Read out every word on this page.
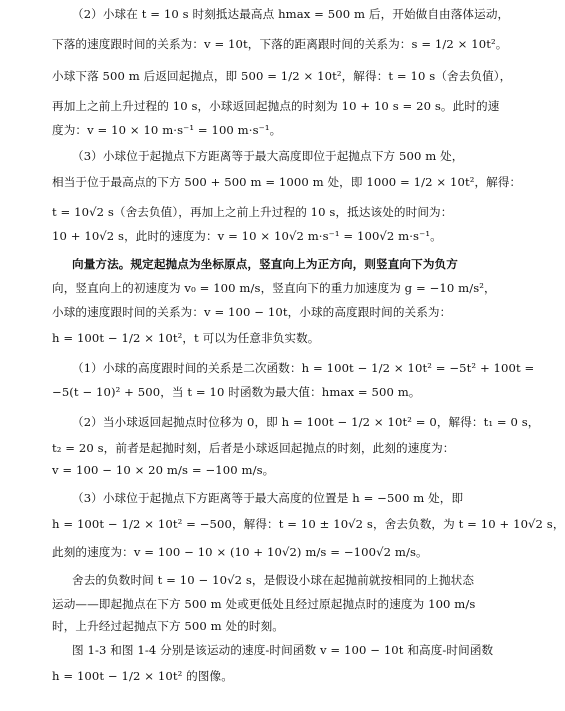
（2）小球在 t = 10 s 时刻抵达最高点 hmax = 500 m 后，开始做自由落体运动，
下落的速度跟时间的关系为：v = 10t，下落的距离跟时间的关系为：s = 1/2 × 10t²。
小球下落 500 m 后返回起抛点，即 500 = 1/2 × 10t²，解得：t = 10 s（舍去负值），
再加上之前上升过程的 10 s，小球返回起抛点的时刻为 10 + 10 s = 20 s。此时的速
度为：v = 10 × 10 m·s⁻¹ = 100 m·s⁻¹。
（3）小球位于起抛点下方距离等于最大高度即位于起抛点下方 500 m 处，
相当于位于最高点的下方 500 + 500 m = 1000 m 处，即 1000 = 1/2 × 10t²，解得：
t = 10√2 s（舍去负值），再加上之前上升过程的 10 s，抵达该处的时间为：
10 + 10√2 s，此时的速度为：v = 10 × 10√2 m·s⁻¹ = 100√2 m·s⁻¹。
向量方法。规定起抛点为坐标原点，竖直向上为正方向，则竖直向下为负方
向，竖直向上的初速度为 v₀ = 100 m/s，竖直向下的重力加速度为 g = −10 m/s²，
小球的速度跟时间的关系为：v = 100 − 10t，小球的高度跟时间的关系为：
h = 100t − 1/2 × 10t²，t 可以为任意非负实数。
（1）小球的高度跟时间的关系是二次函数：h = 100t − 1/2 × 10t² = −5t² + 100t =
−5(t − 10)² + 500，当 t = 10 时函数为最大值：hmax = 500 m。
（2）当小球返回起抛点时位移为 0，即 h = 100t − 1/2 × 10t² = 0，解得：t₁ = 0 s，
t₂ = 20 s，前者是起抛时刻，后者是小球返回起抛点的时刻，此刻的速度为：
v = 100 − 10 × 20 m/s = −100 m/s。
（3）小球位于起抛点下方距离等于最大高度的位置是 h = −500 m 处，即
h = 100t − 1/2 × 10t² = −500，解得：t = 10 ± 10√2 s，舍去负数，为 t = 10 + 10√2 s，
此刻的速度为：v = 100 − 10 × (10 + 10√2) m/s = −100√2 m/s。
舍去的负数时间 t = 10 − 10√2 s，是假设小球在起抛前就按相同的上抛状态
运动——即起抛点在下方 500 m 处或更低处且经过原起抛点时的速度为 100 m/s
时，上升经过起抛点下方 500 m 处的时刻。
图 1-3 和图 1-4 分别是该运动的速度-时间函数 v = 100 − 10t 和高度-时间函数
h = 100t − 1/2 × 10t² 的图像。
